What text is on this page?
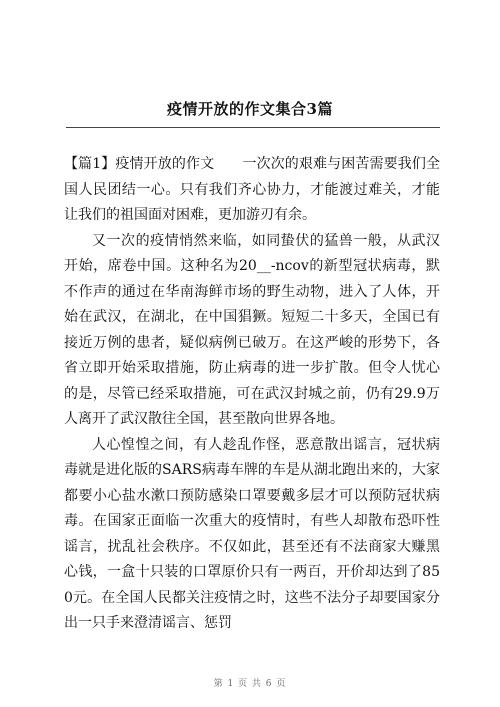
疫情开放的作文集合3篇

【篇1】疫情开放的作文　　一次次的艰难与困苦需要我们全国人民团结一心。只有我们齐心协力，才能渡过难关，才能让我们的祖国面对困难，更加游刃有余。

又一次的疫情悄然来临，如同蛰伏的猛兽一般，从武汉开始，席卷中国。这种名为20__-ncov的新型冠状病毒，默不作声的通过在华南海鲜市场的野生动物，进入了人体，开始在武汉，在湖北，在中国猖獗。短短二十多天，全国已有接近万例的患者，疑似病例已破万。在这严峻的形势下，各省立即开始采取措施，防止病毒的进一步扩散。但令人忧心的是，尽管已经采取措施，可在武汉封城之前，仍有29.9万人离开了武汉散往全国，甚至散向世界各地。

人心惶惶之间，有人趁乱作怪，恶意散出谣言，冠状病毒就是进化版的SARS病毒车牌的车是从湖北跑出来的，大家都要小心盐水漱口预防感染口罩要戴多层才可以预防冠状病毒。在国家正面临一次重大的疫情时，有些人却散布恐吓性谣言，扰乱社会秩序。不仅如此，甚至还有不法商家大赚黑心钱，一盒十只装的口罩原价只有一两百，开价却达到了850元。在全国人民都关注疫情之时，这些不法分子却要国家分出一只手来澄清谣言、惩罚

第 1 页 共 6 页
